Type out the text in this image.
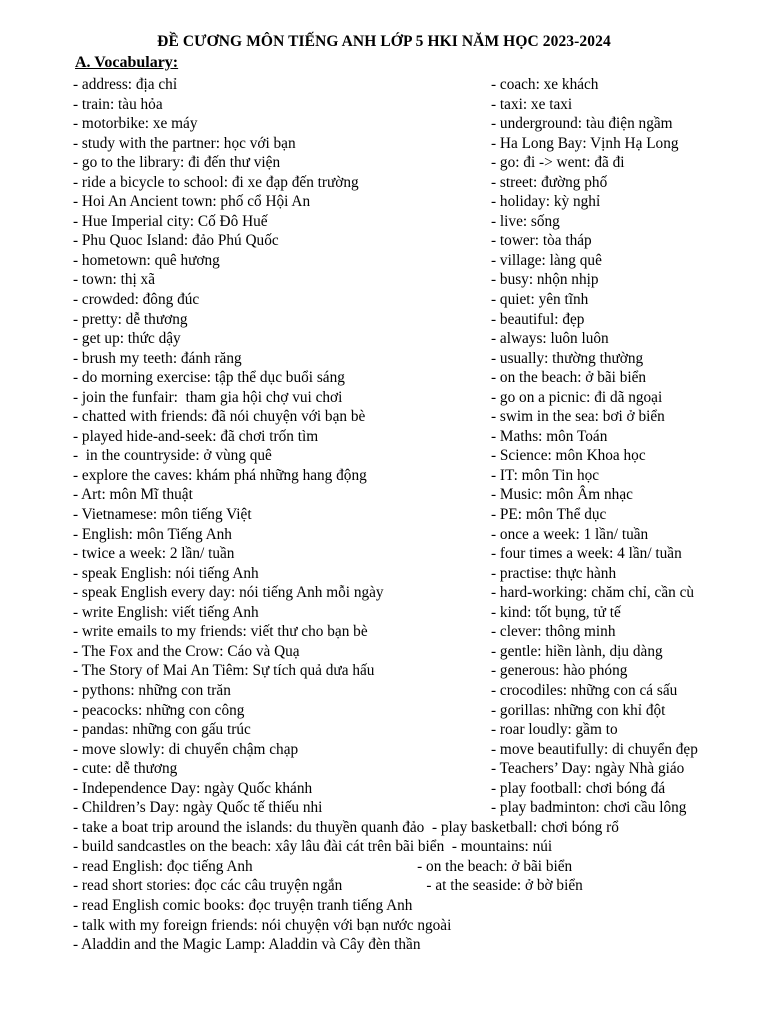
ĐỀ CƯƠNG MÔN TIẾNG ANH LỚP 5 HKI NĂM HỌC 2023-2024
A. Vocabulary:
- address: địa chỉ
- train: tàu hỏa
- motorbike: xe máy
- study with the partner: học với bạn
- go to the library: đi đến thư viện
- ride a bicycle to school: đi xe đạp đến trường
- Hoi An Ancient town: phố cổ Hội An
- Hue Imperial city: Cố Đô Huế
- Phu Quoc Island: đảo Phú Quốc
- hometown: quê hương
- town: thị xã
- crowded: đông đúc
- pretty: dễ thương
- get up: thức dậy
- brush my teeth: đánh răng
- do morning exercise: tập thể dục buổi sáng
- join the funfair:  tham gia hội chợ vui chơi
- chatted with friends: đã nói chuyện với bạn bè
- played hide-and-seek: đã chơi trốn tìm
-  in the countryside: ở vùng quê
- explore the caves: khám phá những hang động
- Art: môn Mĩ thuật
- Vietnamese: môn tiếng Việt
- English: môn Tiếng Anh
- twice a week: 2 lần/ tuần
- speak English: nói tiếng Anh
- speak English every day: nói tiếng Anh mỗi ngày
- write English: viết tiếng Anh
- write emails to my friends: viết thư cho bạn bè
- The Fox and the Crow: Cáo và Quạ
- The Story of Mai An Tiêm: Sự tích quả dưa hấu
- pythons: những con trăn
- peacocks: những con công
- pandas: những con gấu trúc
- move slowly: di chuyển chậm chạp
- cute: dễ thương
- Independence Day: ngày Quốc khánh
- Children’s Day: ngày Quốc tế thiếu nhi
- take a boat trip around the islands: du thuyền quanh đảo  - play basketball: chơi bóng rổ
- build sandcastles on the beach: xây lâu đài cát trên bãi biển  - mountains: núi
- read English: đọc tiếng Anh                                           - on the beach: ở bãi biển
- read short stories: đọc các câu truyện ngắn                      - at the seaside: ở bờ biển
- read English comic books: đọc truyện tranh tiếng Anh
- talk with my foreign friends: nói chuyện với bạn nước ngoài
- Aladdin and the Magic Lamp: Aladdin và Cây đèn thần
- coach: xe khách
- taxi: xe taxi
- underground: tàu điện ngầm
- Ha Long Bay: Vịnh Hạ Long
- go: đi -> went: đã đi
- street: đường phố
- holiday: kỳ nghỉ
- live: sống
- tower: tòa tháp
- village: làng quê
- busy: nhộn nhịp
- quiet: yên tĩnh
- beautiful: đẹp
- always: luôn luôn
- usually: thường thường
- on the beach: ở bãi biển
- go on a picnic: đi dã ngoại
- swim in the sea: bơi ở biển
- Maths: môn Toán
- Science: môn Khoa học
- IT: môn Tin học
- Music: môn Âm nhạc
- PE: môn Thể dục
- once a week: 1 lần/ tuần
- four times a week: 4 lần/ tuần
- practise: thực hành
- hard-working: chăm chỉ, cần cù
- kind: tốt bụng, tử tế
- clever: thông minh
- gentle: hiền lành, dịu dàng
- generous: hào phóng
- crocodiles: những con cá sấu
- gorillas: những con khỉ đột
- roar loudly: gầm to
- move beautifully: di chuyển đẹp
- Teachers’ Day: ngày Nhà giáo
- play football: chơi bóng đá
- play badminton: chơi cầu lông
